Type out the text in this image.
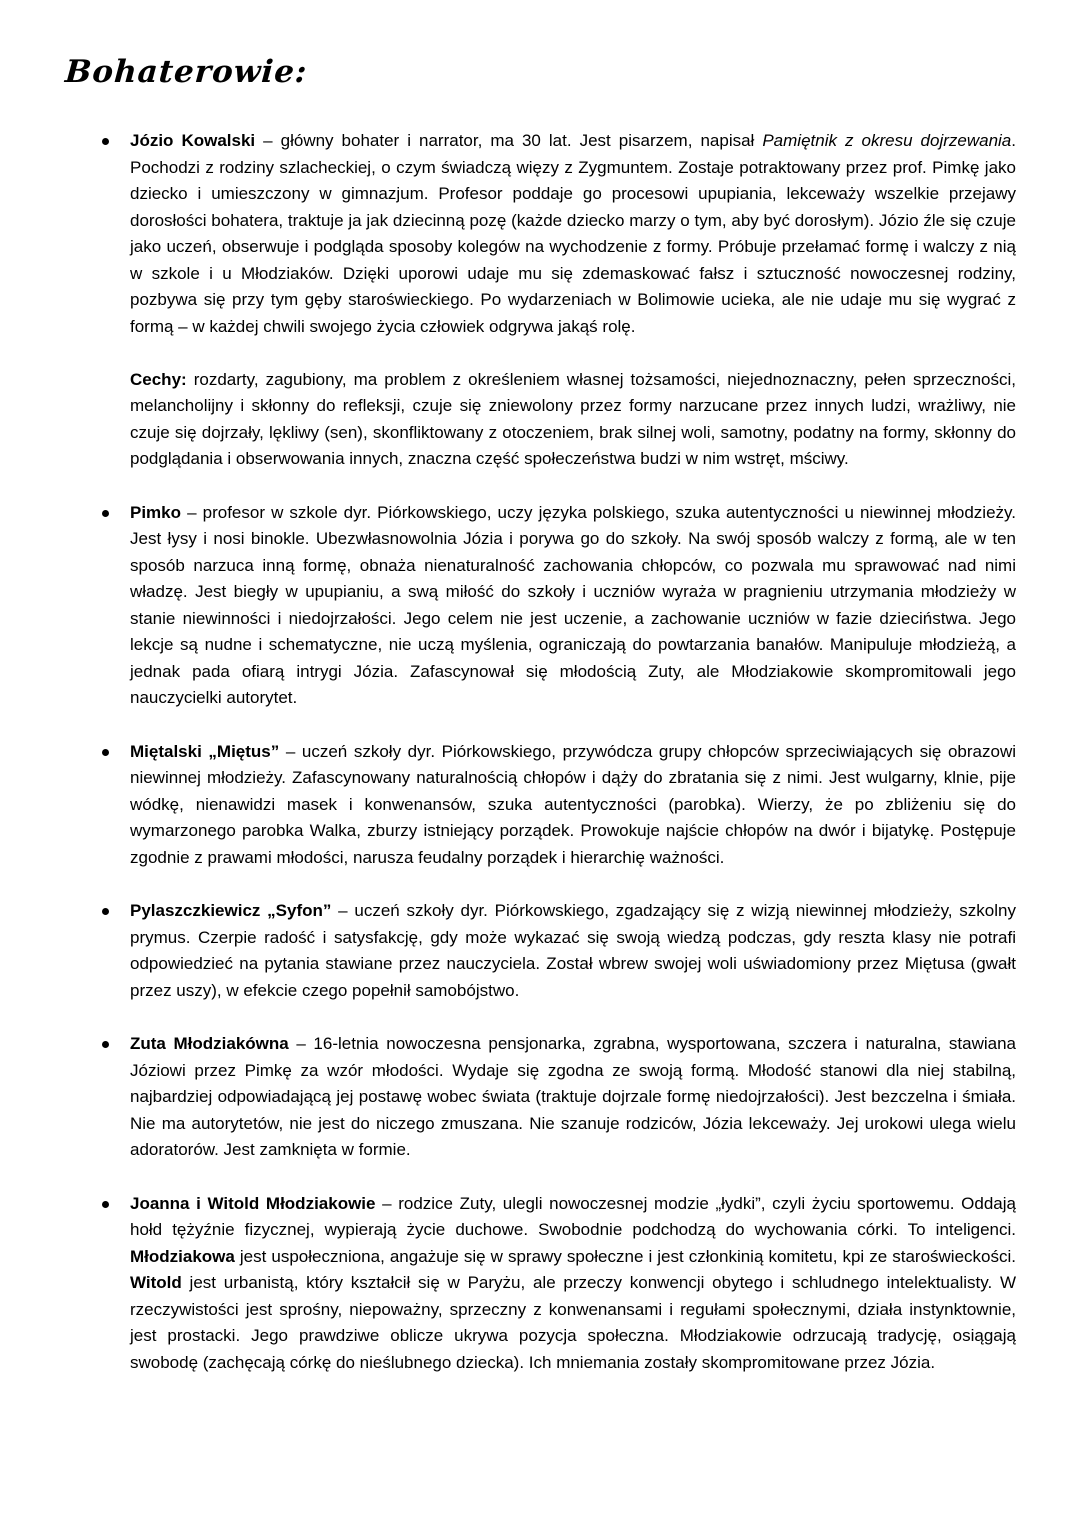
Bohaterowie:

Józio Kowalski – główny bohater i narrator, ma 30 lat. Jest pisarzem, napisał Pamiętnik z okresu dojrzewania. Pochodzi z rodziny szlacheckiej, o czym świadczą więzy z Zygmuntem. Zostaje potraktowany przez prof. Pimkę jako dziecko i umieszczony w gimnazjum. Profesor poddaje go procesowi upupiania, lekceważy wszelkie przejawy dorosłości bohatera, traktuje ja jak dziecinną pozę (każde dziecko marzy o tym, aby być dorosłym). Józio źle się czuje jako uczeń, obserwuje i podgląda sposoby kolegów na wychodzenie z formy. Próbuje przełamać formę i walczy z nią w szkole i u Młodziaków. Dzięki uporowi udaje mu się zdemaskować fałsz i sztuczność nowoczesnej rodziny, pozbywa się przy tym gęby staroświeckiego. Po wydarzeniach w Bolimowie ucieka, ale nie udaje mu się wygrać z formą – w każdej chwili swojego życia człowiek odgrywa jakąś rolę.

Cechy: rozdarty, zagubiony, ma problem z określeniem własnej tożsamości, niejednoznaczny, pełen sprzeczności, melancholijny i skłonny do refleksji, czuje się zniewolony przez formy narzucane przez innych ludzi, wrażliwy, nie czuje się dojrzały, lękliwy (sen), skonfliktowany z otoczeniem, brak silnej woli, samotny, podatny na formy, skłonny do podglądania i obserwowania innych, znaczna część społeczeństwa budzi w nim wstręt, mściwy.

Pimko – profesor w szkole dyr. Piórkowskiego, uczy języka polskiego, szuka autentyczności u niewinnej młodzieży. Jest łysy i nosi binokle. Ubezwłasnowolnia Józia i porywa go do szkoły. Na swój sposób walczy z formą, ale w ten sposób narzuca inną formę, obnaża nienaturalność zachowania chłopców, co pozwala mu sprawować nad nimi władzę. Jest biegły w upupianiu, a swą miłość do szkoły i uczniów wyraża w pragnieniu utrzymania młodzieży w stanie niewinności i niedojrzałości. Jego celem nie jest uczenie, a zachowanie uczniów w fazie dzieciństwa. Jego lekcje są nudne i schematyczne, nie uczą myślenia, ograniczają do powtarzania banałów. Manipuluje młodzieżą, a jednak pada ofiarą intrygi Józia. Zafascynował się młodością Zuty, ale Młodziakowie skompromitowali jego nauczycielki autorytet.

Miętalski „Miętus” – uczeń szkoły dyr. Piórkowskiego, przywódcza grupy chłopców sprzeciwiających się obrazowi niewinnej młodzieży. Zafascynowany naturalnością chłopów i dąży do zbratania się z nimi. Jest wulgarny, klnie, pije wódkę, nienawidzi masek i konwenansów, szuka autentyczności (parobka). Wierzy, że po zbliżeniu się do wymarzonego parobka Walka, zburzy istniejący porządek. Prowokuje najście chłopów na dwór i bijatykę. Postępuje zgodnie z prawami młodości, narusza feudalny porządek i hierarchię ważności.

Pylaszczkiewicz „Syfon” – uczeń szkoły dyr. Piórkowskiego, zgadzający się z wizją niewinnej młodzieży, szkolny prymus. Czerpie radość i satysfakcję, gdy może wykazać się swoją wiedzą podczas, gdy reszta klasy nie potrafi odpowiedzieć na pytania stawiane przez nauczyciela. Został wbrew swojej woli uświadomiony przez Miętusa (gwałt przez uszy), w efekcie czego popełnił samobójstwo.

Zuta Młodziakówna – 16-letnia nowoczesna pensjonarka, zgrabna, wysportowana, szczera i naturalna, stawiana Józiowi przez Pimkę za wzór młodości. Wydaje się zgodna ze swoją formą. Młodość stanowi dla niej stabilną, najbardziej odpowiadającą jej postawę wobec świata (traktuje dojrzale formę niedojrzałości). Jest bezczelna i śmiała. Nie ma autorytetów, nie jest do niczego zmuszana. Nie szanuje rodziców, Józia lekceważy. Jej urokowi ulega wielu adoratorów. Jest zamknięta w formie.

Joanna i Witold Młodziakowie – rodzice Zuty, ulegli nowoczesnej modzie „łydki”, czyli życiu sportowemu. Oddają hołd tężyźnie fizycznej, wypierają życie duchowe. Swobodnie podchodzą do wychowania córki. To inteligenci. Młodziakowa jest uspołeczniona, angażuje się w sprawy społeczne i jest członkinią komitetu, kpi ze staroświeckości. Witold jest urbanistą, który kształcił się w Paryżu, ale przeczy konwencji obytego i schludnego intelektualisty. W rzeczywistości jest sprośny, niepoważny, sprzeczny z konwenansami i regułami społecznymi, działa instynktownie, jest prostacki. Jego prawdziwe oblicze ukrywa pozycja społeczna. Młodziakowie odrzucają tradycję, osiągają swobodę (zachęcają córkę do nieślubnego dziecka). Ich mniemania zostały skompromitowane przez Józia.
